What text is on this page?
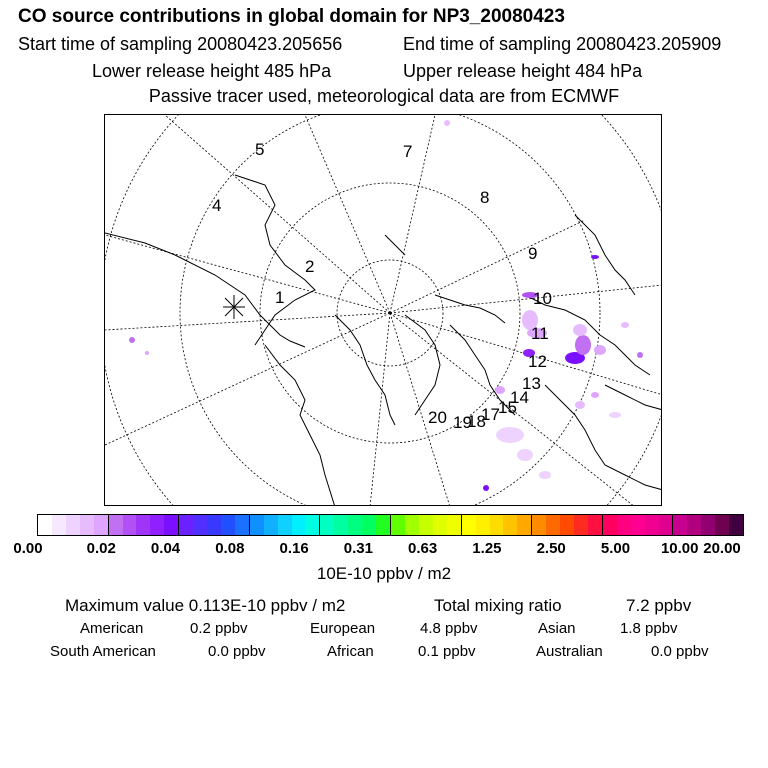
CO source contributions in global domain for NP3_20080423
Start time of sampling 20080423.205656	End time of sampling 20080423.205909
Lower release height 485 hPa	Upper release height 484 hPa
Passive tracer used, meteorological data are from ECMWF
5	7
8
4
9
2
1	10
11
12
13
14
15
20 19
18
17
0.00	0.02 0.04 0.08 0.16 0.31 0.63 1.25 2.50 5.00 10.00 20.00
10E-10 ppbv / m2
Maximum value 0.113E-10 ppbv / m2	Total mixing ratio	7.2 ppbv
American	0.2 ppbv	European	4.8 ppbv	Asian	1.8 ppbv
South American	0.0 ppbv	African	0.1 ppbv	Australian	0.0 ppbv
